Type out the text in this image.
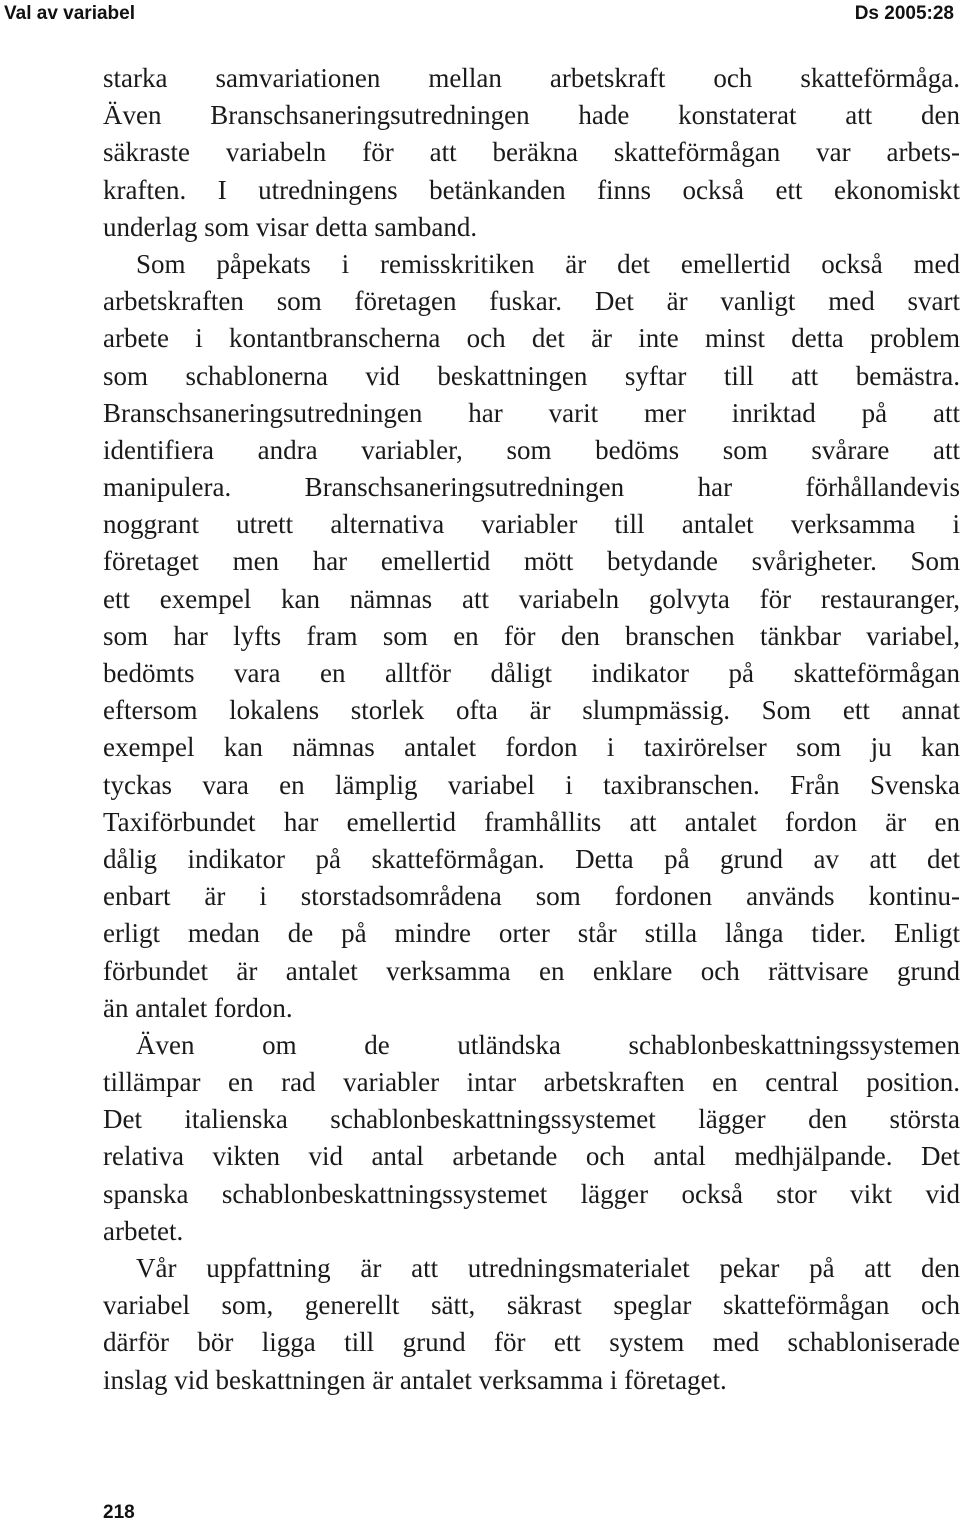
Val av variabel	Ds 2005:28
starka samvariationen mellan arbetskraft och skatteförmåga.
Även Branschsaneringsutredningen hade konstaterat att den
säkraste variabeln för att beräkna skatteförmågan var arbets-
kraften. I utredningens betänkanden finns också ett ekonomiskt
underlag som visar detta samband.
Som påpekats i remisskritiken är det emellertid också med
arbetskraften som företagen fuskar. Det är vanligt med svart
arbete i kontantbranscherna och det är inte minst detta problem
som schablonerna vid beskattningen syftar till att bemästra.
Branschsaneringsutredningen har varit mer inriktad på att
identifiera andra variabler, som bedöms som svårare att
manipulera. Branschsaneringsutredningen har förhållandevis
noggrant utrett alternativa variabler till antalet verksamma i
företaget men har emellertid mött betydande svårigheter. Som
ett exempel kan nämnas att variabeln golvyta för restauranger,
som har lyfts fram som en för den branschen tänkbar variabel,
bedömts vara en alltför dåligt indikator på skatteförmågan
eftersom lokalens storlek ofta är slumpmässig. Som ett annat
exempel kan nämnas antalet fordon i taxirörelser som ju kan
tyckas vara en lämplig variabel i taxibranschen. Från Svenska
Taxiförbundet har emellertid framhållits att antalet fordon är en
dålig indikator på skatteförmågan. Detta på grund av att det
enbart är i storstadsområdena som fordonen används kontinu-
erligt medan de på mindre orter står stilla långa tider. Enligt
förbundet är antalet verksamma en enklare och rättvisare grund
än antalet fordon.
Även om de utländska schablonbeskattningssystemen
tillämpar en rad variabler intar arbetskraften en central position.
Det italienska schablonbeskattningssystemet lägger den största
relativa vikten vid antal arbetande och antal medhjälpande. Det
spanska schablonbeskattningssystemet lägger också stor vikt vid
arbetet.
Vår uppfattning är att utredningsmaterialet pekar på att den
variabel som, generellt sätt, säkrast speglar skatteförmågan och
därför bör ligga till grund för ett system med schabloniserade
inslag vid beskattningen är antalet verksamma i företaget.
218
